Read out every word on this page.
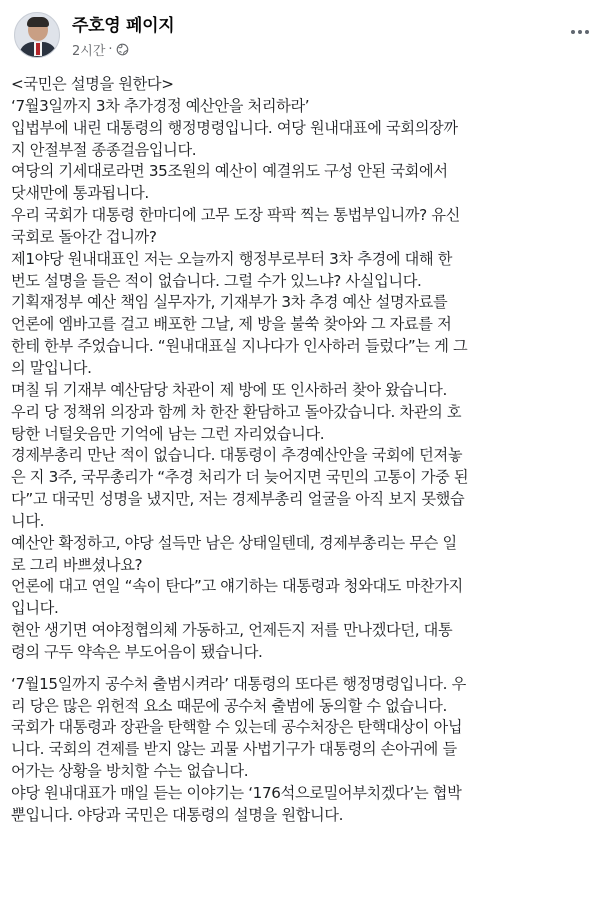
주호영 페이지
2시간 ·

<국민은 설명을 원한다>
‘7월3일까지 3차 추가경정 예산안을 처리하라’
입법부에 내린 대통령의 행정명령입니다. 여당 원내대표에 국회의장까
지 안절부절 종종걸음입니다.
여당의 기세대로라면 35조원의 예산이 예결위도 구성 안된 국회에서
닷새만에 통과됩니다.
우리 국회가 대통령 한마디에 고무 도장 팍팍 찍는 통법부입니까? 유신
국회로 돌아간 겁니까?
제1야당 원내대표인 저는 오늘까지 행정부로부터 3차 추경에 대해 한
번도 설명을 들은 적이 없습니다. 그럴 수가 있느냐? 사실입니다.
기획재정부 예산 책임 실무자가, 기재부가 3차 추경 예산 설명자료를
언론에 엠바고를 걸고 배포한 그날, 제 방을 불쑥 찾아와 그 자료를 저
한테 한부 주었습니다. “원내대표실 지나다가 인사하러 들렀다”는 게 그
의 말입니다.
며칠 뒤 기재부 예산담당 차관이 제 방에 또 인사하러 찾아 왔습니다.
우리 당 정책위 의장과 함께 차 한잔 환담하고 돌아갔습니다. 차관의 호
탕한 너털웃음만 기억에 남는 그런 자리었습니다.
경제부총리 만난 적이 없습니다. 대통령이 추경예산안을 국회에 던져놓
은 지 3주, 국무총리가 “추경 처리가 더 늦어지면 국민의 고통이 가중 된
다”고 대국민 성명을 냈지만, 저는 경제부총리 얼굴을 아직 보지 못했습
니다.
예산안 확정하고, 야당 설득만 남은 상태일텐데, 경제부총리는 무슨 일
로 그리 바쁘셨나요?
언론에 대고 연일 “속이 탄다”고 얘기하는 대통령과 청와대도 마찬가지
입니다.
현안 생기면 여야정협의체 가동하고, 언제든지 저를 만나겠다던, 대통
령의 구두 약속은 부도어음이 됐습니다.

‘7월15일까지 공수처 출범시켜라’ 대통령의 또다른 행정명령입니다. 우
리 당은 많은 위헌적 요소 때문에 공수처 출범에 동의할 수 없습니다.
국회가 대통령과 장관을 탄핵할 수 있는데 공수처장은 탄핵대상이 아닙
니다. 국회의 견제를 받지 않는 괴물 사법기구가 대통령의 손아귀에 들
어가는 상황을 방치할 수는 없습니다.
야당 원내대표가 매일 듣는 이야기는 ‘176석으로밀어부치겠다’는 협박
뿐입니다. 야당과 국민은 대통령의 설명을 원합니다.
